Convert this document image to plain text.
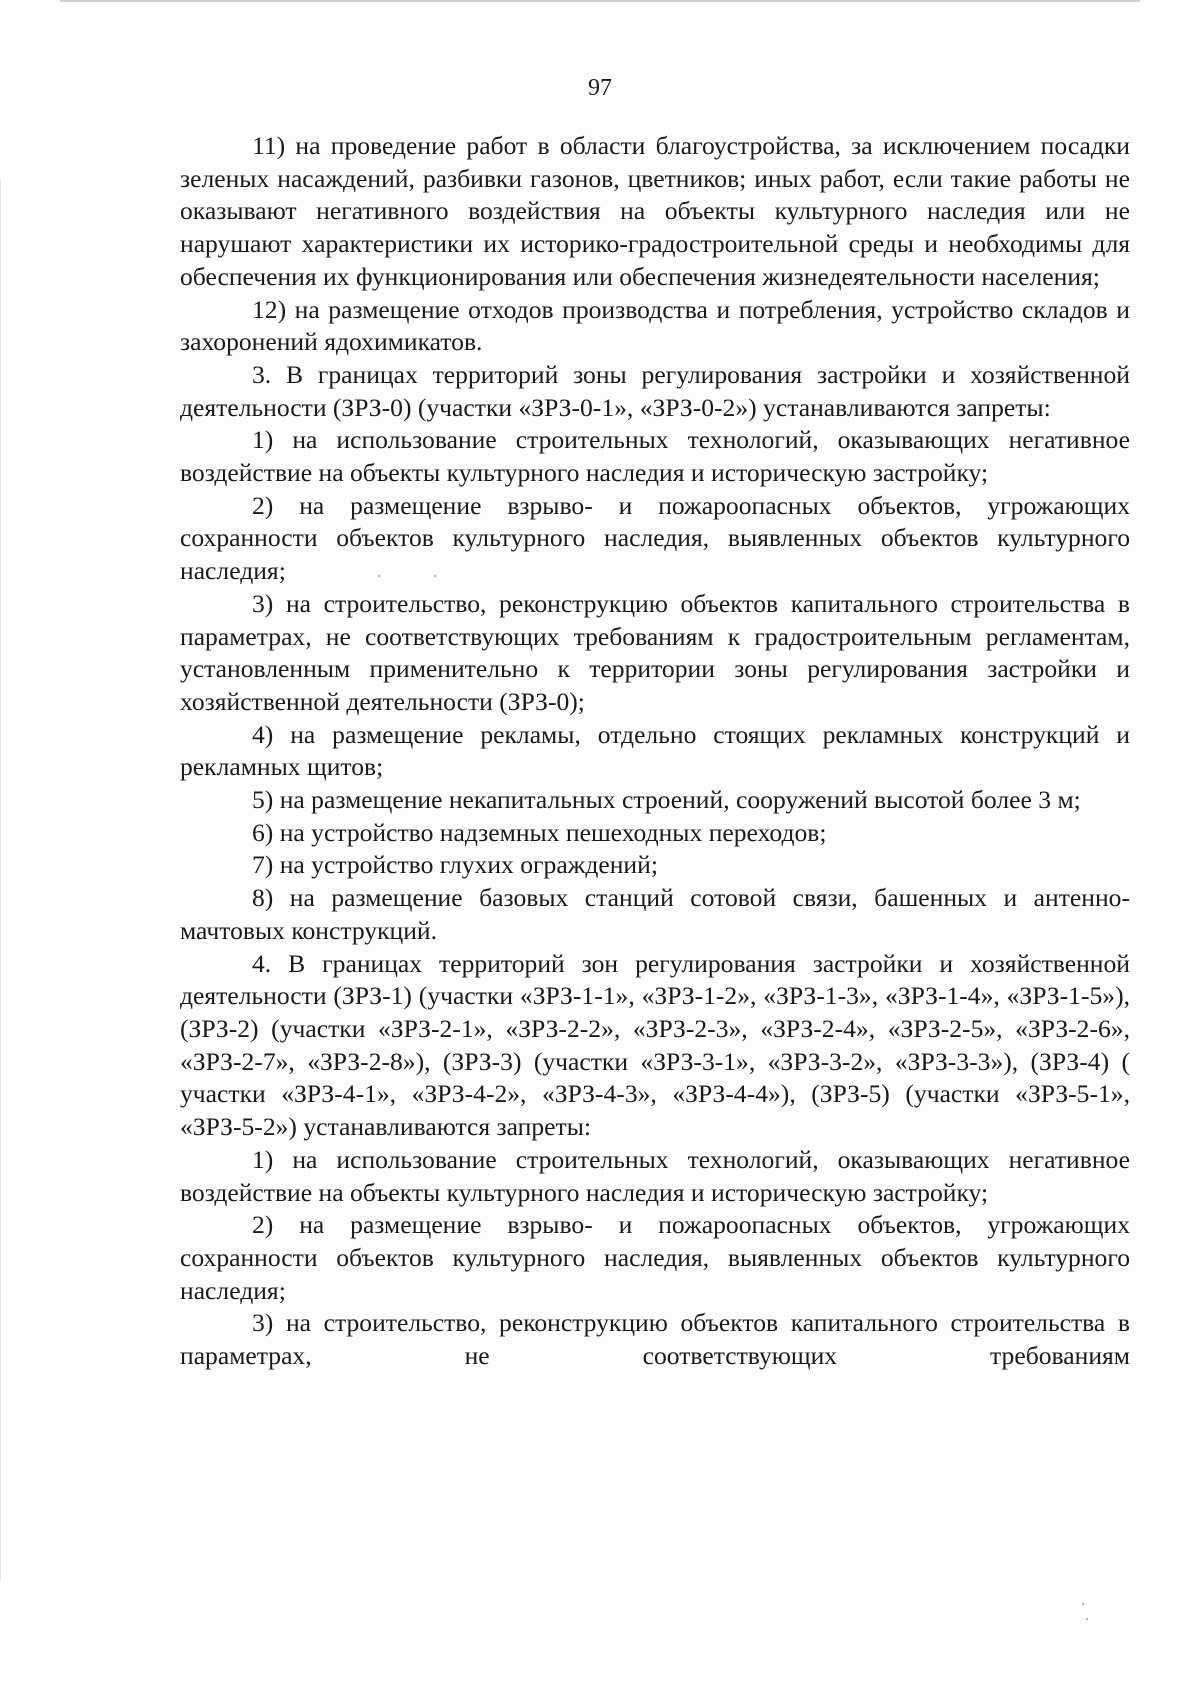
97

11) на проведение работ в области благоустройства, за исключением посадки зеленых насаждений, разбивки газонов, цветников; иных работ, если такие работы не оказывают негативного воздействия на объекты культурного наследия или не нарушают характеристики их историко-градостроительной среды и необходимы для обеспечения их функционирования или обеспечения жизнедеятельности населения;

12) на размещение отходов производства и потребления, устройство складов и захоронений ядохимикатов.

3. В границах территорий зоны регулирования застройки и хозяйственной деятельности (ЗРЗ-0) (участки «ЗРЗ-0-1», «ЗРЗ-0-2») устанавливаются запреты:

1) на использование строительных технологий, оказывающих негативное воздействие на объекты культурного наследия и историческую застройку;

2) на размещение взрыво- и пожароопасных объектов, угрожающих сохранности объектов культурного наследия, выявленных объектов культурного наследия;

3) на строительство, реконструкцию объектов капитального строительства в параметрах, не соответствующих требованиям к градостроительным регламентам, установленным применительно к территории зоны регулирования застройки и хозяйственной деятельности (ЗРЗ-0);

4) на размещение рекламы, отдельно стоящих рекламных конструкций и рекламных щитов;

5) на размещение некапитальных строений, сооружений высотой более 3 м;

6) на устройство надземных пешеходных переходов;

7) на устройство глухих ограждений;

8) на размещение базовых станций сотовой связи, башенных и антенно-мачтовых конструкций.

4. В границах территорий зон регулирования застройки и хозяйственной деятельности (ЗРЗ-1) (участки «ЗРЗ-1-1», «ЗРЗ-1-2», «ЗРЗ-1-3», «ЗРЗ-1-4», «ЗРЗ-1-5»), (ЗРЗ-2) (участки «ЗРЗ-2-1», «ЗРЗ-2-2», «ЗРЗ-2-3», «ЗРЗ-2-4», «ЗРЗ-2-5», «ЗРЗ-2-6», «ЗРЗ-2-7», «ЗРЗ-2-8»), (ЗРЗ-3) (участки «ЗРЗ-3-1», «ЗРЗ-3-2», «ЗРЗ-3-3»), (ЗРЗ-4) ( участки «ЗРЗ-4-1», «ЗРЗ-4-2», «ЗРЗ-4-3», «ЗРЗ-4-4»), (ЗРЗ-5) (участки «ЗРЗ-5-1», «ЗРЗ-5-2») устанавливаются запреты:

1) на использование строительных технологий, оказывающих негативное воздействие на объекты культурного наследия и историческую застройку;

2) на размещение взрыво- и пожароопасных объектов, угрожающих сохранности объектов культурного наследия, выявленных объектов культурного наследия;

3) на строительство, реконструкцию объектов капитального строительства в параметрах, не соответствующих требованиям
